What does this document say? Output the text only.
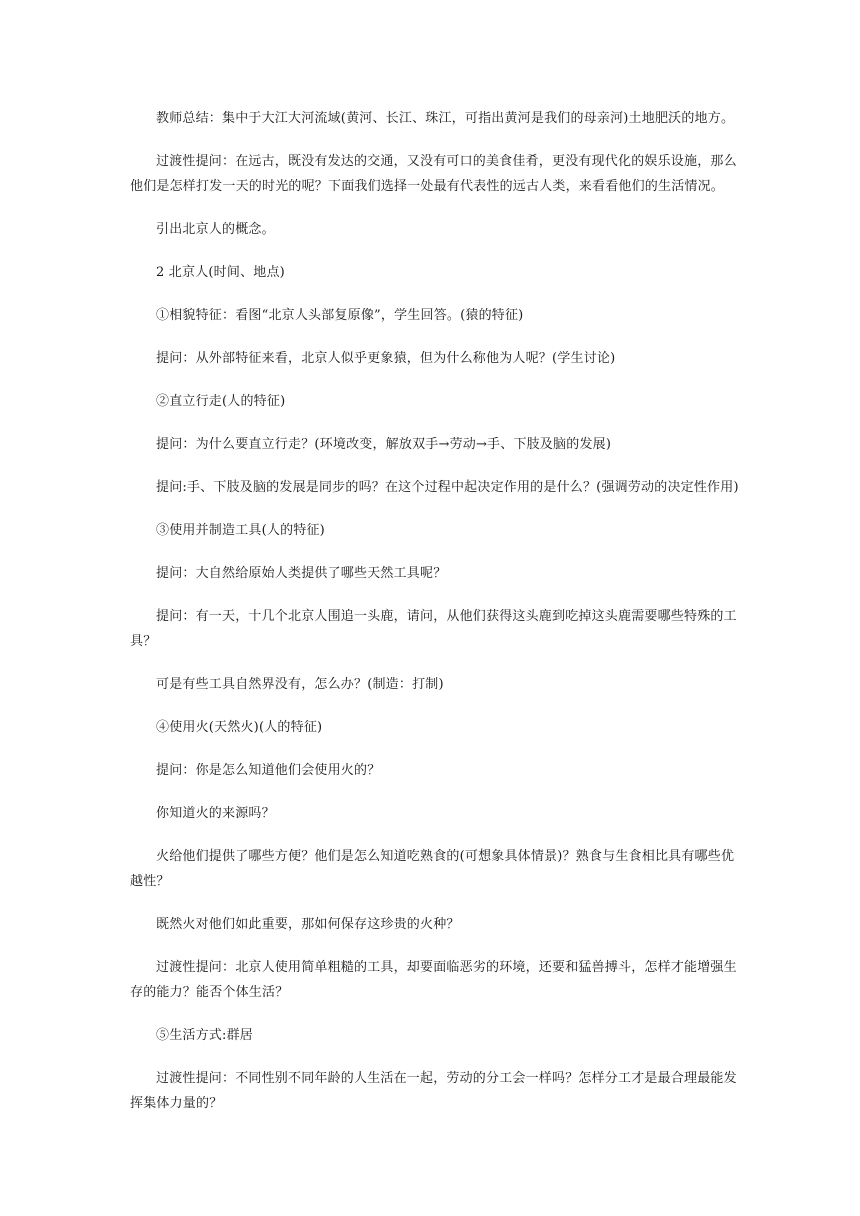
教师总结：集中于大江大河流域(黄河、长江、珠江，可指出黄河是我们的母亲河)土地肥沃的地方。

过渡性提问：在远古，既没有发达的交通，又没有可口的美食佳肴，更没有现代化的娱乐设施，那么他们是怎样打发一天的时光的呢？下面我们选择一处最有代表性的远古人类，来看看他们的生活情况。

引出北京人的概念。

2 北京人(时间、地点)

①相貌特征：看图“北京人头部复原像”，学生回答。(猿的特征)

提问：从外部特征来看，北京人似乎更象猿，但为什么称他为人呢？(学生讨论)

②直立行走(人的特征)

提问：为什么要直立行走？(环境改变，解放双手→劳动→手、下肢及脑的发展)

提问:手、下肢及脑的发展是同步的吗？在这个过程中起决定作用的是什么？(强调劳动的决定性作用)

③使用并制造工具(人的特征)

提问：大自然给原始人类提供了哪些天然工具呢？

提问：有一天，十几个北京人围追一头鹿，请问，从他们获得这头鹿到吃掉这头鹿需要哪些特殊的工具？

可是有些工具自然界没有，怎么办？(制造：打制)

④使用火(天然火)(人的特征)

提问：你是怎么知道他们会使用火的？

你知道火的来源吗？

火给他们提供了哪些方便？他们是怎么知道吃熟食的(可想象具体情景)？熟食与生食相比具有哪些优越性？

既然火对他们如此重要，那如何保存这珍贵的火种？

过渡性提问：北京人使用简单粗糙的工具，却要面临恶劣的环境，还要和猛兽搏斗，怎样才能增强生存的能力？能否个体生活？

⑤生活方式:群居

过渡性提问：不同性别不同年龄的人生活在一起，劳动的分工会一样吗？怎样分工才是最合理最能发挥集体力量的？
